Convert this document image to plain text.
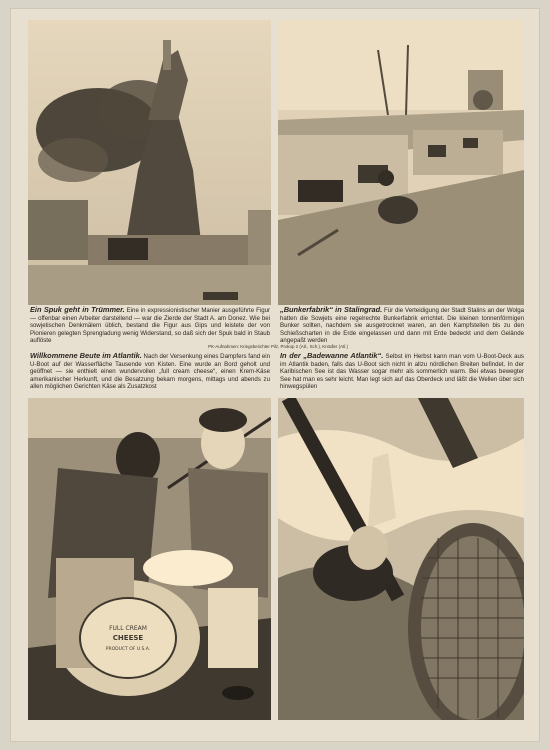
Ein Spuk geht in Trümmer. Eine in expressionistischer Manier ausgeführte Figur — offenbar einen Arbeiter darstellend — war die Zierde der Stadt A. am Donez. Wie bei sowjetischen Denkmälern üblich, bestand die Figur aus Gips und leistete der von Pionieren gelegten Sprengladung wenig Widerstand, so daß sich der Spuk bald in Staub auflöste
„Bunkerfabrik“ in Stalingrad. Für die Verteidigung der Stadt Stalins an der Wolga hatten die Sowjets eine regelrechte Bunkerfabrik errichtet. Die kleinen tonnenförmigen Bunker sollten, nachdem sie ausgetrocknet waren, an den Kampfstellen bis zu den Schießscharten in die Erde eingelassen und dann mit Erde bedeckt und dem Gelände angepaßt werden
PK-Aufnahmen: Kriegsberichter Pilz, Prokop 2 (Atl., Sch.), Knödler (Atl.)
Willkommene Beute im Atlantik. Nach der Versenkung eines Dampfers fand ein U-Boot auf der Wasserfläche Tausende von Kisten. Eine wurde an Bord geholt und geöffnet — sie enthielt einen wundervollen „full cream cheese“, einen Krem-Käse amerikanischer Herkunft, und die Besatzung bekam morgens, mittags und abends zu allen möglichen Gerichten Käse als Zusatzkost
In der „Badewanne Atlantik“. Selbst im Herbst kann man vom U-Boot-Deck aus im Atlantik baden, falls das U-Boot sich nicht in allzu nördlichen Breiten befindet. In der Karibischen See ist das Wasser sogar mehr als sommerlich warm. Bei etwas bewegter See hat man es sehr leicht. Man legt sich auf das Oberdeck und läßt die Wellen über sich hinwegspülen
FULL CREAM
CHEESE
PRODUCT OF U.S.A.
